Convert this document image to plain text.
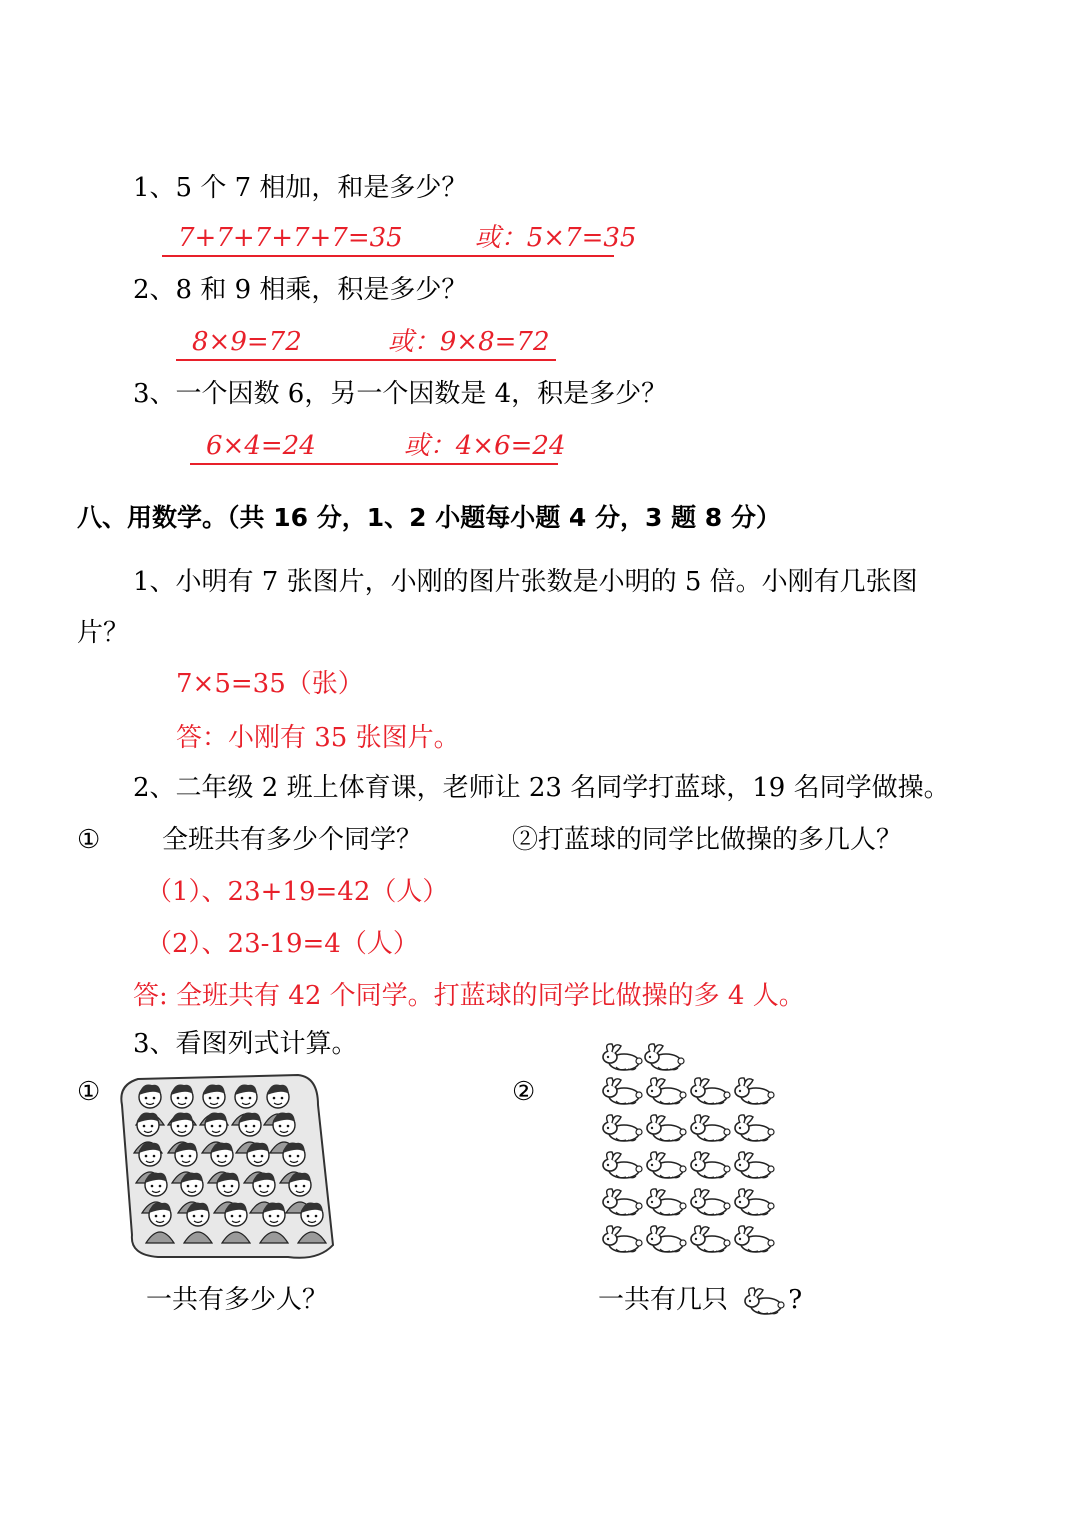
1、5 个 7 相加，和是多少？
7+7+7+7+7=35	或：5×7=35
2、8 和 9 相乘，积是多少？
8×9=72	或：9×8=72
3、一个因数 6，另一个因数是 4，积是多少？
6×4=24	或：4×6=24
八、用数学。（共 16 分，1、2 小题每小题 4 分，3 题 8 分）
1、小明有 7 张图片，小刚的图片张数是小明的 5 倍。小刚有几张图
片？
7×5=35（张）
答：小刚有 35 张图片。
2、二年级 2 班上体育课，老师让 23 名同学打蓝球，19 名同学做操。
① 全班共有多少个同学？	②打蓝球的同学比做操的多几人？
（1）、23+19=42（人）
（2）、23-19=4（人）
答: 全班共有 42 个同学。打蓝球的同学比做操的多 4 人。
3、看图列式计算。
①	②
一共有多少人？	一共有几只 ?
